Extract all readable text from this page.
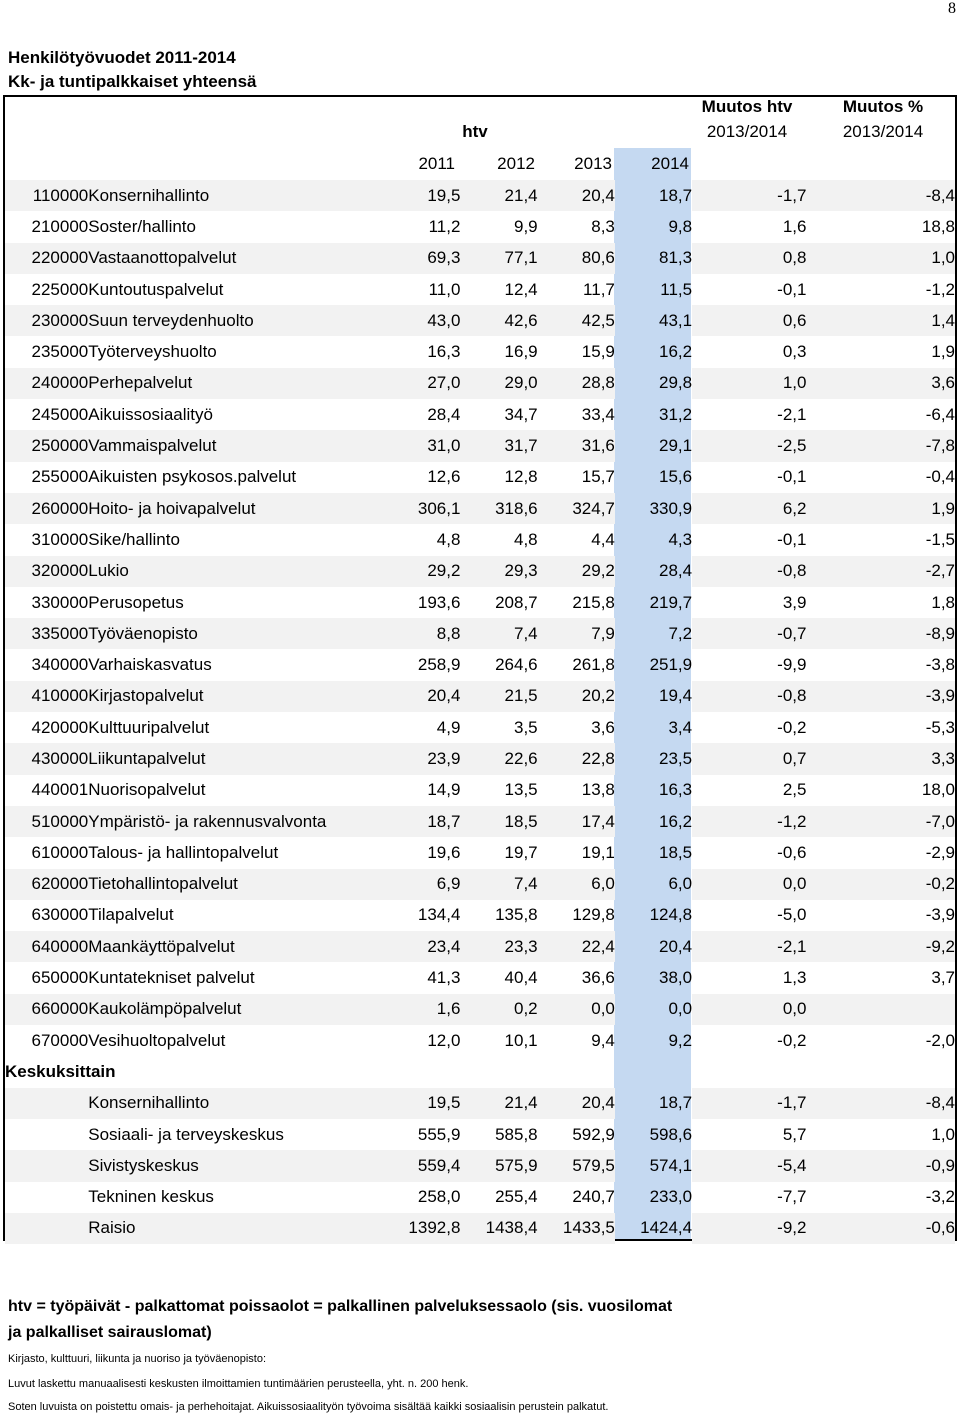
8
Henkilötyövuodet 2011-2014
Kk- ja tuntipalkkaiset yhteensä
htv
Muutos htv
2013/2014
Muutos %
2013/2014
2011	2012	2013	2014
110000	Konsernihallinto	19,5	21,4	20,4	18,7	-1,7	-8,4
210000	Soster/hallinto	11,2	9,9	8,3	9,8	1,6	18,8
220000	Vastaanottopalvelut	69,3	77,1	80,6	81,3	0,8	1,0
225000	Kuntoutuspalvelut	11,0	12,4	11,7	11,5	-0,1	-1,2
230000	Suun terveydenhuolto	43,0	42,6	42,5	43,1	0,6	1,4
235000	Työterveyshuolto	16,3	16,9	15,9	16,2	0,3	1,9
240000	Perhepalvelut	27,0	29,0	28,8	29,8	1,0	3,6
245000	Aikuissosiaalityö	28,4	34,7	33,4	31,2	-2,1	-6,4
250000	Vammaispalvelut	31,0	31,7	31,6	29,1	-2,5	-7,8
255000	Aikuisten psykosos.palvelut	12,6	12,8	15,7	15,6	-0,1	-0,4
260000	Hoito- ja hoivapalvelut	306,1	318,6	324,7	330,9	6,2	1,9
310000	Sike/hallinto	4,8	4,8	4,4	4,3	-0,1	-1,5
320000	Lukio	29,2	29,3	29,2	28,4	-0,8	-2,7
330000	Perusopetus	193,6	208,7	215,8	219,7	3,9	1,8
335000	Työväenopisto	8,8	7,4	7,9	7,2	-0,7	-8,9
340000	Varhaiskasvatus	258,9	264,6	261,8	251,9	-9,9	-3,8
410000	Kirjastopalvelut	20,4	21,5	20,2	19,4	-0,8	-3,9
420000	Kulttuuripalvelut	4,9	3,5	3,6	3,4	-0,2	-5,3
430000	Liikuntapalvelut	23,9	22,6	22,8	23,5	0,7	3,3
440001	Nuorisopalvelut	14,9	13,5	13,8	16,3	2,5	18,0
510000	Ympäristö- ja rakennusvalvonta	18,7	18,5	17,4	16,2	-1,2	-7,0
610000	Talous- ja hallintopalvelut	19,6	19,7	19,1	18,5	-0,6	-2,9
620000	Tietohallintopalvelut	6,9	7,4	6,0	6,0	0,0	-0,2
630000	Tilapalvelut	134,4	135,8	129,8	124,8	-5,0	-3,9
640000	Maankäyttöpalvelut	23,4	23,3	22,4	20,4	-2,1	-9,2
650000	Kuntatekniset palvelut	41,3	40,4	36,6	38,0	1,3	3,7
660000	Kaukolämpöpalvelut	1,6	0,2	0,0	0,0	0,0	
670000	Vesihuoltopalvelut	12,0	10,1	9,4	9,2	-0,2	-2,0
Keskuksittain							
	Konsernihallinto	19,5	21,4	20,4	18,7	-1,7	-8,4
	Sosiaali- ja terveyskeskus	555,9	585,8	592,9	598,6	5,7	1,0
	Sivistyskeskus	559,4	575,9	579,5	574,1	-5,4	-0,9
	Tekninen keskus	258,0	255,4	240,7	233,0	-7,7	-3,2
	Raisio	1392,8	1438,4	1433,5	1424,4	-9,2	-0,6
htv = työpäivät - palkattomat poissaolot = palkallinen palveluksessaolo (sis. vuosilomat
ja palkalliset sairauslomat)
Kirjasto, kulttuuri, liikunta ja nuoriso ja työväenopisto:
Luvut laskettu manuaalisesti keskusten ilmoittamien tuntimäärien perusteella, yht. n. 200 henk.
Soten luvuista on poistettu omais- ja perhehoitajat. Aikuissosiaalityön työvoima sisältää kaikki sosiaalisin perustein palkatut.
